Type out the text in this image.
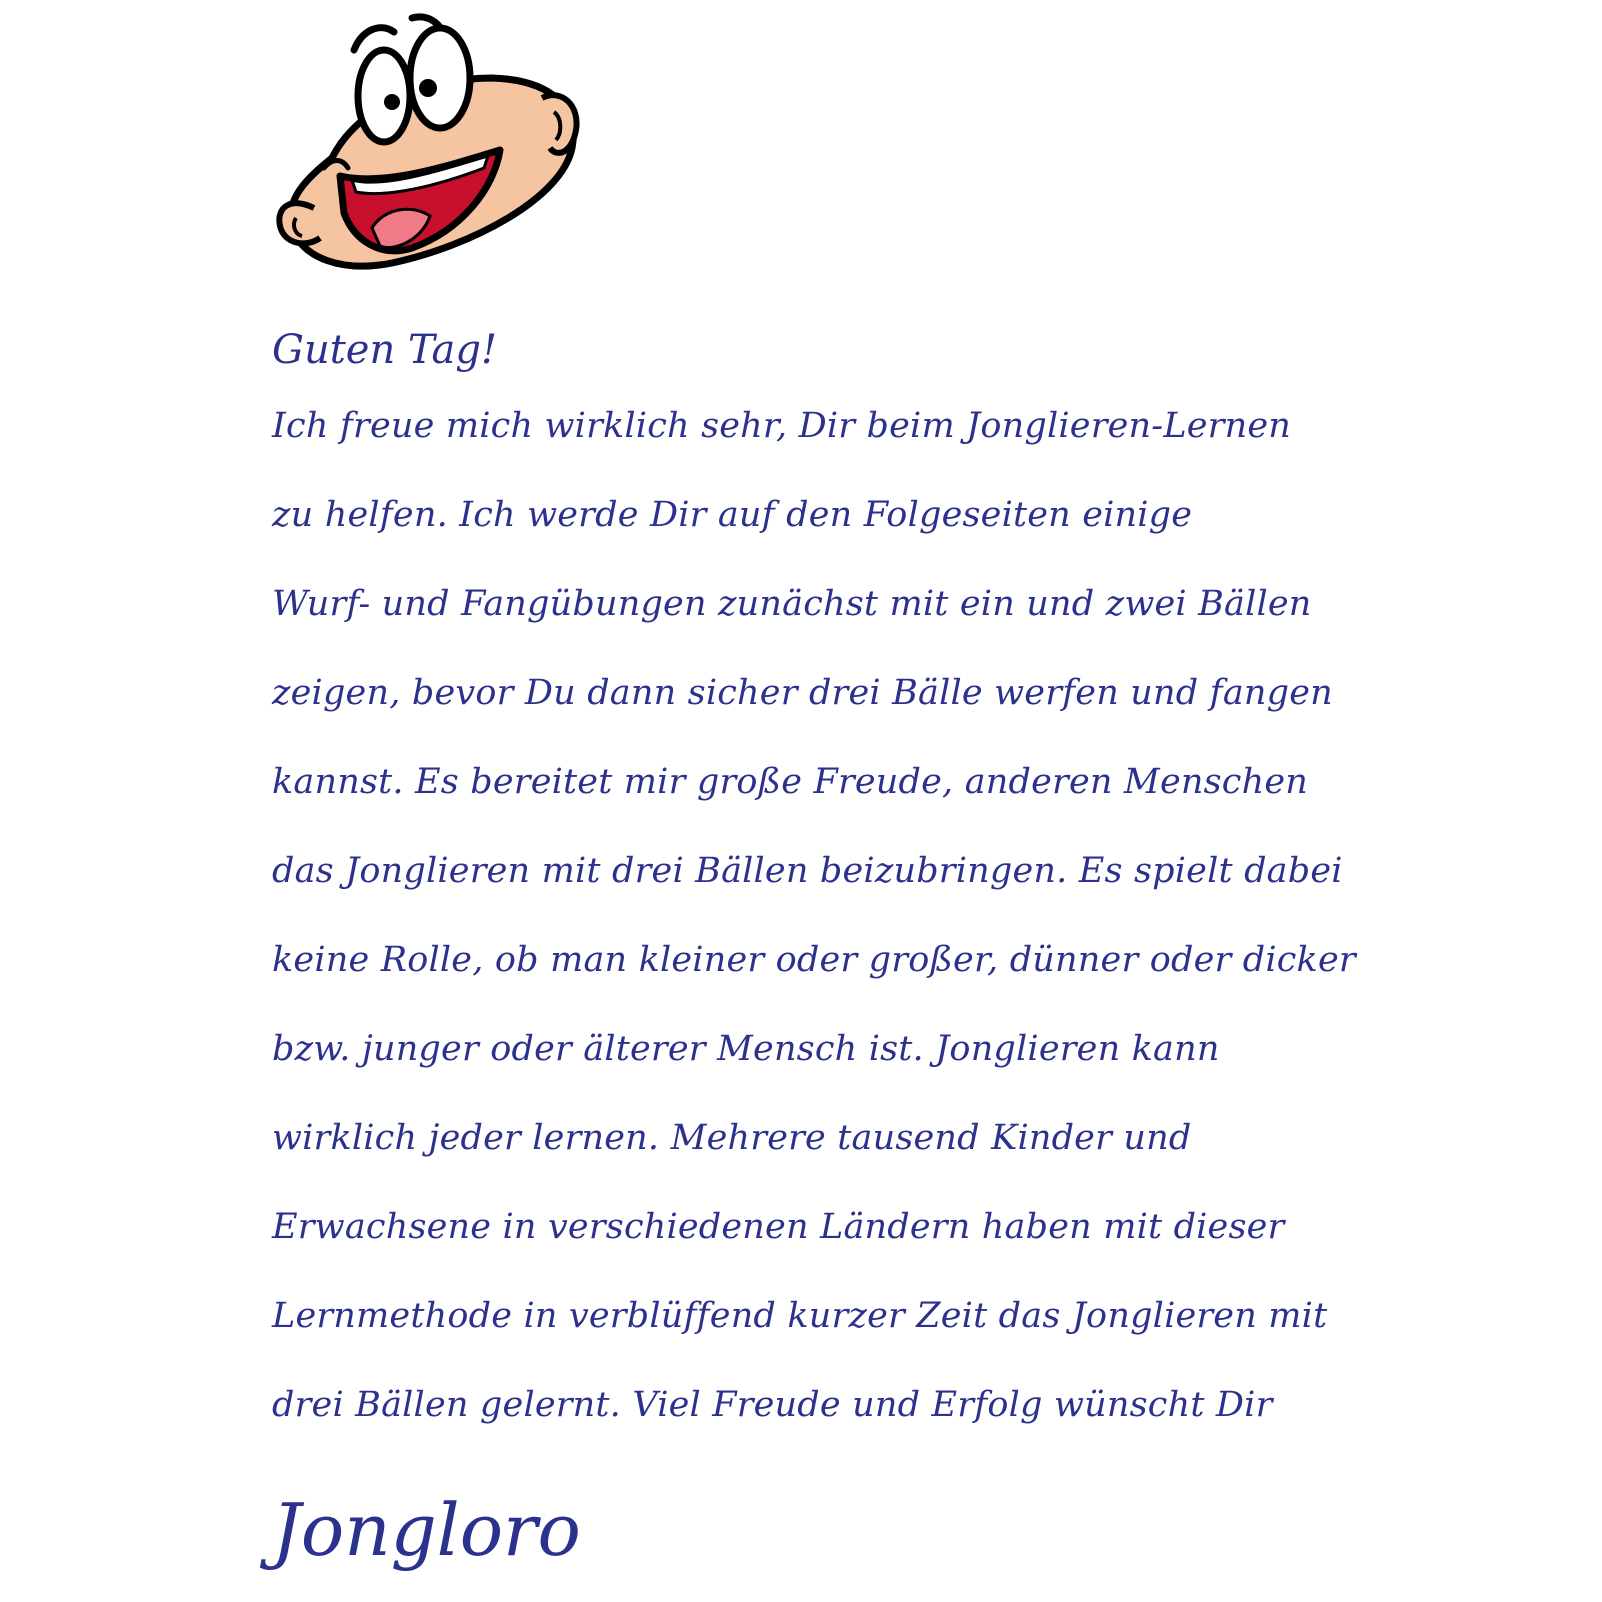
Guten Tag!

Ich freue mich wirklich sehr, Dir beim Jonglieren-Lernen

zu helfen. Ich werde Dir auf den Folgeseiten einige

Wurf- und Fangübungen zunächst mit ein und zwei Bällen

zeigen, bevor Du dann sicher drei Bälle werfen und fangen

kannst. Es bereitet mir große Freude, anderen Menschen

das Jonglieren mit drei Bällen beizubringen. Es spielt dabei

keine Rolle, ob man kleiner oder großer, dünner oder dicker

bzw. junger oder älterer Mensch ist. Jonglieren kann

wirklich jeder lernen. Mehrere tausend Kinder und

Erwachsene in verschiedenen Ländern haben mit dieser

Lernmethode in verblüffend kurzer Zeit das Jonglieren mit

drei Bällen gelernt. Viel Freude und Erfolg wünscht Dir

Jongloro
